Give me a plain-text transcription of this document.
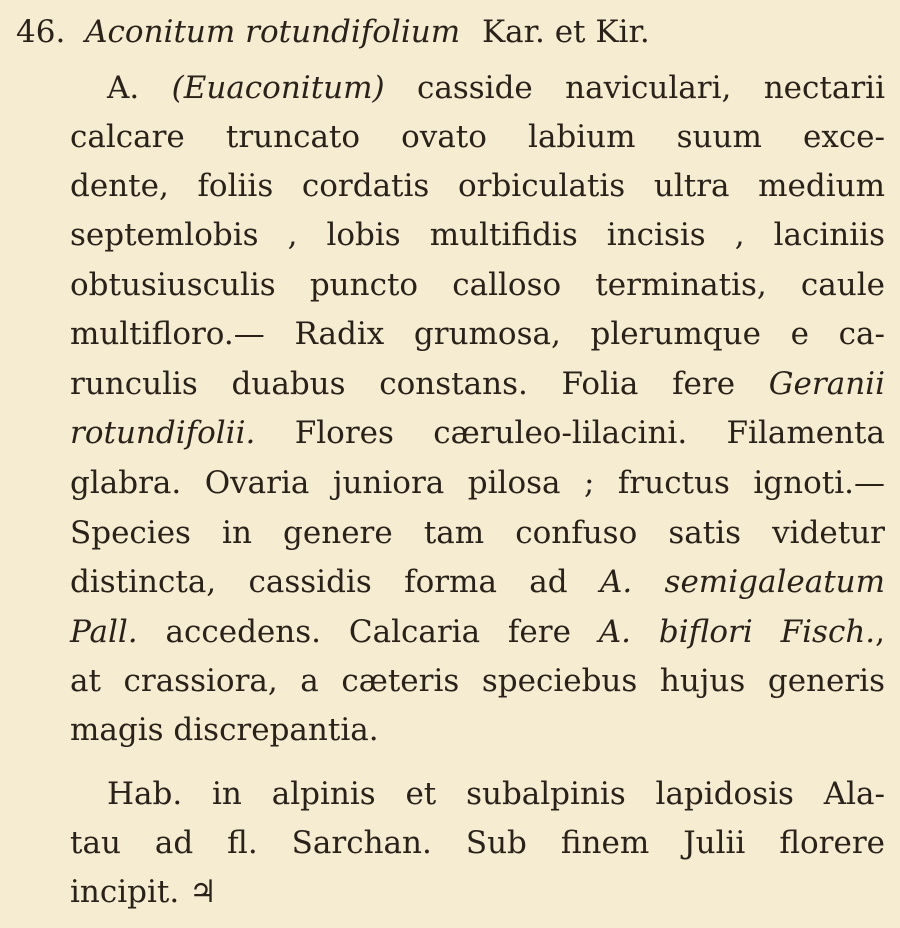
46. Aconitum rotundifolium Kar. et Kir.
A. (Euaconitum) casside naviculari, nectarii
calcare truncato ovato labium suum exce-
dente, foliis cordatis orbiculatis ultra medium
septemlobis , lobis multifidis incisis , laciniis
obtusiusculis puncto calloso terminatis, caule
multifloro.— Radix grumosa, plerumque e ca-
runculis duabus constans. Folia fere Geranii
rotundifolii. Flores cæruleo-lilacini. Filamenta
glabra. Ovaria juniora pilosa ; fructus ignoti.—
Species in genere tam confuso satis videtur
distincta, cassidis forma ad A. semigaleatum
Pall. accedens. Calcaria fere A. biflori Fisch.,
at crassiora, a cæteris speciebus hujus generis
magis discrepantia.
Hab. in alpinis et subalpinis lapidosis Ala-
tau ad fl. Sarchan. Sub finem Julii florere
incipit. ♃
